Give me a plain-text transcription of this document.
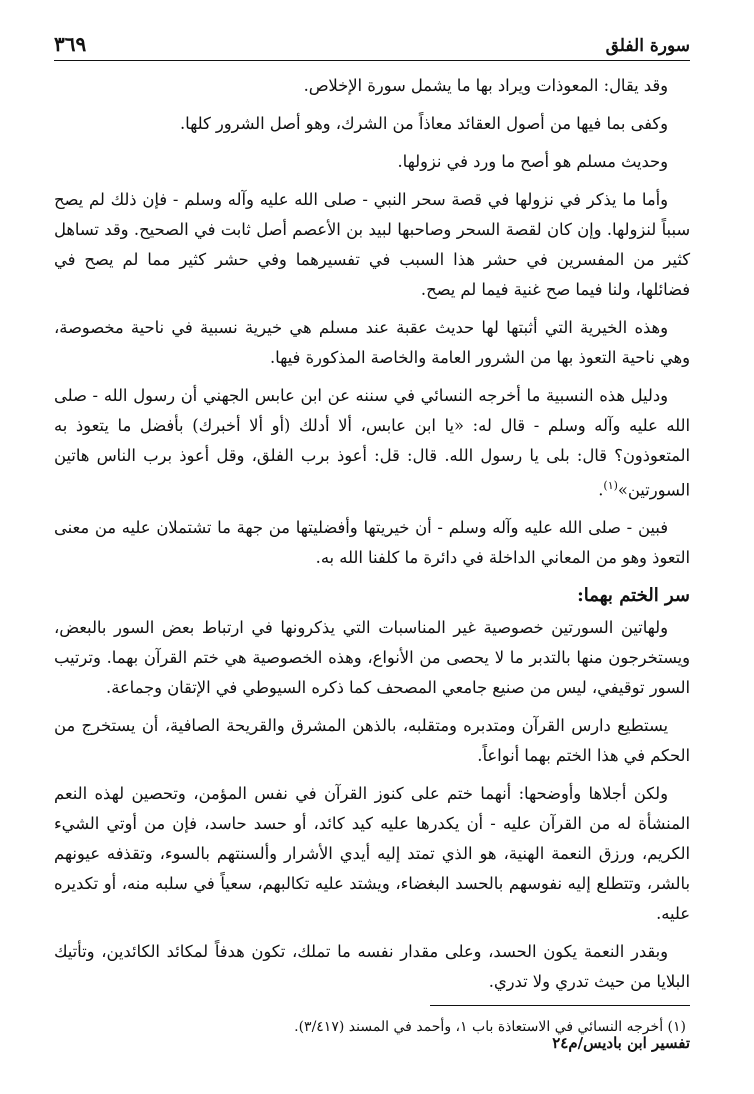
سورة الفلق
٣٦٩

وقد يقال: المعوذات ويراد بها ما يشمل سورة الإخلاص.

وكفى بما فيها من أصول العقائد معاذاً من الشرك، وهو أصل الشرور كلها.

وحديث مسلم هو أصح ما ورد في نزولها.

وأما ما يذكر في نزولها في قصة سحر النبي - صلى الله عليه وآله وسلم - فإن ذلك لم يصح سبباً لنزولها. وإن كان لقصة السحر وصاحبها لبيد بن الأعصم أصل ثابت في الصحيح. وقد تساهل كثير من المفسرين في حشر هذا السبب في تفسيرهما وفي حشر كثير مما لم يصح في فضائلها، ولنا فيما صح غنية فيما لم يصح.

وهذه الخيرية التي أثبتها لها حديث عقبة عند مسلم هي خيرية نسبية في ناحية مخصوصة، وهي ناحية التعوذ بها من الشرور العامة والخاصة المذكورة فيها.

ودليل هذه النسبية ما أخرجه النسائي في سننه عن ابن عابس الجهني أن رسول الله - صلى الله عليه وآله وسلم - قال له: «يا ابن عابس، ألا أدلك (أو ألا أخبرك) بأفضل ما يتعوذ به المتعوذون؟ قال: بلى يا رسول الله. قال: قل: أعوذ برب الفلق، وقل أعوذ برب الناس هاتين السورتين»$^{(١)}$.

فبين - صلى الله عليه وآله وسلم - أن خيريتها وأفضليتها من جهة ما تشتملان عليه من معنى التعوذ وهو من المعاني الداخلة في دائرة ما كلفنا الله به.

سر الختم بهما:

ولهاتين السورتين خصوصية غير المناسبات التي يذكرونها في ارتباط بعض السور بالبعض، ويستخرجون منها بالتدبر ما لا يحصى من الأنواع، وهذه الخصوصية هي ختم القرآن بهما. وترتيب السور توقيفي، ليس من صنيع جامعي المصحف كما ذكره السيوطي في الإتقان وجماعة.

يستطيع دارس القرآن ومتدبره ومتقلبه، بالذهن المشرق والقريحة الصافية، أن يستخرج من الحكم في هذا الختم بهما أنواعاً.

ولكن أجلاها وأوضحها: أنهما ختم على كنوز القرآن في نفس المؤمن، وتحصين لهذه النعم المنشأة له من القرآن عليه - أن يكدرها عليه كيد كائد، أو حسد حاسد، فإن من أوتي الشيء الكريم، ورزق النعمة الهنية، هو الذي تمتد إليه أيدي الأشرار وألسنتهم بالسوء، وتقذفه عيونهم بالشر، وتتطلع إليه نفوسهم بالحسد البغضاء، ويشتد عليه تكالبهم، سعياً في سلبه منه، أو تكديره عليه.

وبقدر النعمة يكون الحسد، وعلى مقدار نفسه ما تملك، تكون هدفاً لمكائد الكائدين، وتأتيك البلايا من حيث تدري ولا تدري.

(١) أخرجه النسائي في الاستعاذة باب ١، وأحمد في المسند (٣/٤١٧).
تفسير ابن باديس/م٢٤
